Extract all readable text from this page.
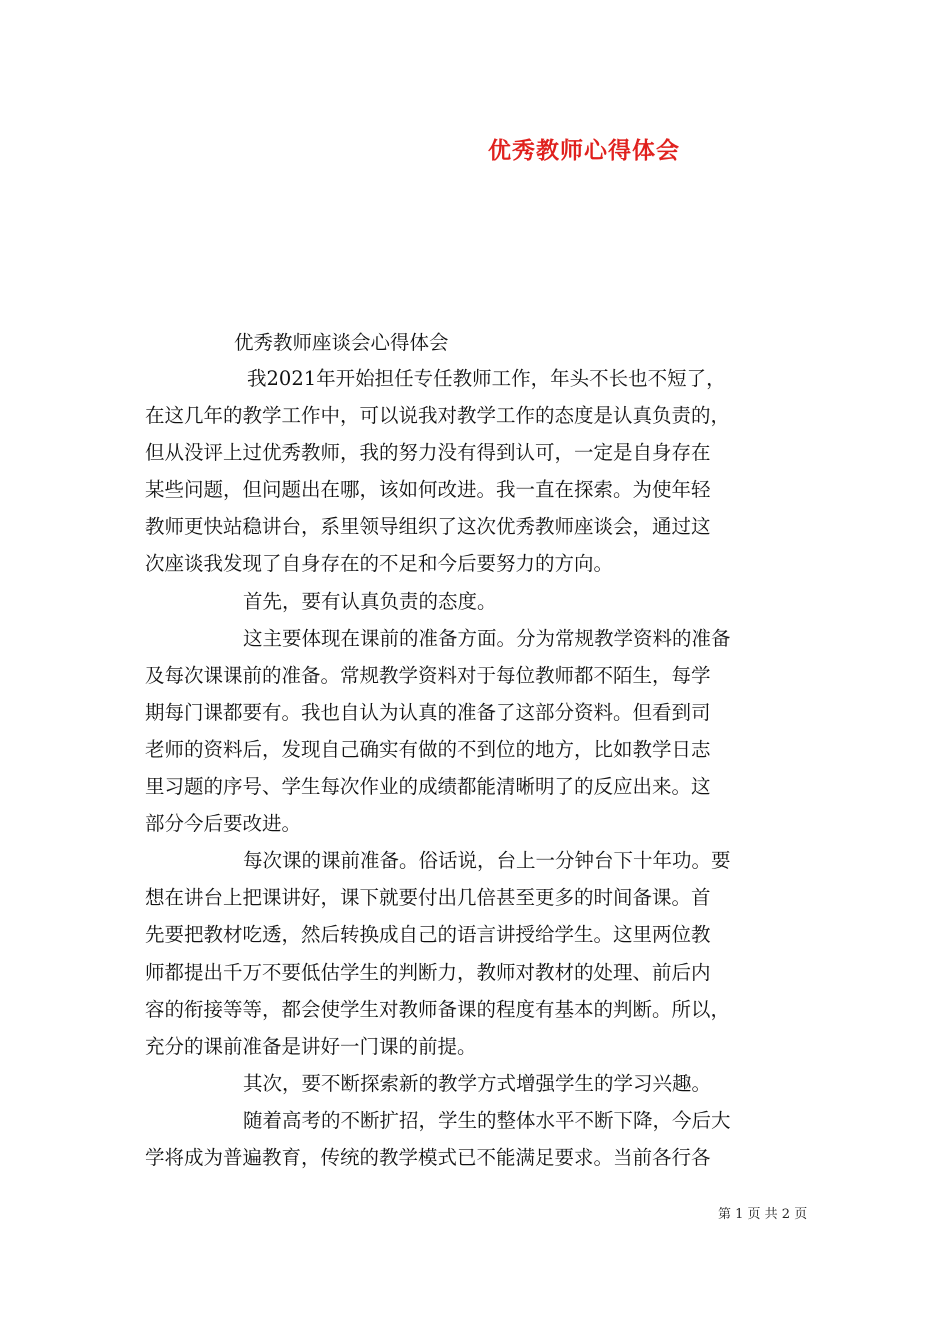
优秀教师心得体会
优秀教师座谈会心得体会
我2021年开始担任专任教师工作，年头不长也不短了，
在这几年的教学工作中，可以说我对教学工作的态度是认真负责的，
但从没评上过优秀教师，我的努力没有得到认可，一定是自身存在
某些问题，但问题出在哪，该如何改进。我一直在探索。为使年轻
教师更快站稳讲台，系里领导组织了这次优秀教师座谈会，通过这
次座谈我发现了自身存在的不足和今后要努力的方向。
首先，要有认真负责的态度。
这主要体现在课前的准备方面。分为常规教学资料的准备
及每次课课前的准备。常规教学资料对于每位教师都不陌生，每学
期每门课都要有。我也自认为认真的准备了这部分资料。但看到司
老师的资料后，发现自己确实有做的不到位的地方，比如教学日志
里习题的序号、学生每次作业的成绩都能清晰明了的反应出来。这
部分今后要改进。
每次课的课前准备。俗话说，台上一分钟台下十年功。要
想在讲台上把课讲好，课下就要付出几倍甚至更多的时间备课。首
先要把教材吃透，然后转换成自己的语言讲授给学生。这里两位教
师都提出千万不要低估学生的判断力，教师对教材的处理、前后内
容的衔接等等，都会使学生对教师备课的程度有基本的判断。所以，
充分的课前准备是讲好一门课的前提。
其次，要不断探索新的教学方式增强学生的学习兴趣。
随着高考的不断扩招，学生的整体水平不断下降，今后大
学将成为普遍教育，传统的教学模式已不能满足要求。当前各行各
第 1 页 共 2 页
